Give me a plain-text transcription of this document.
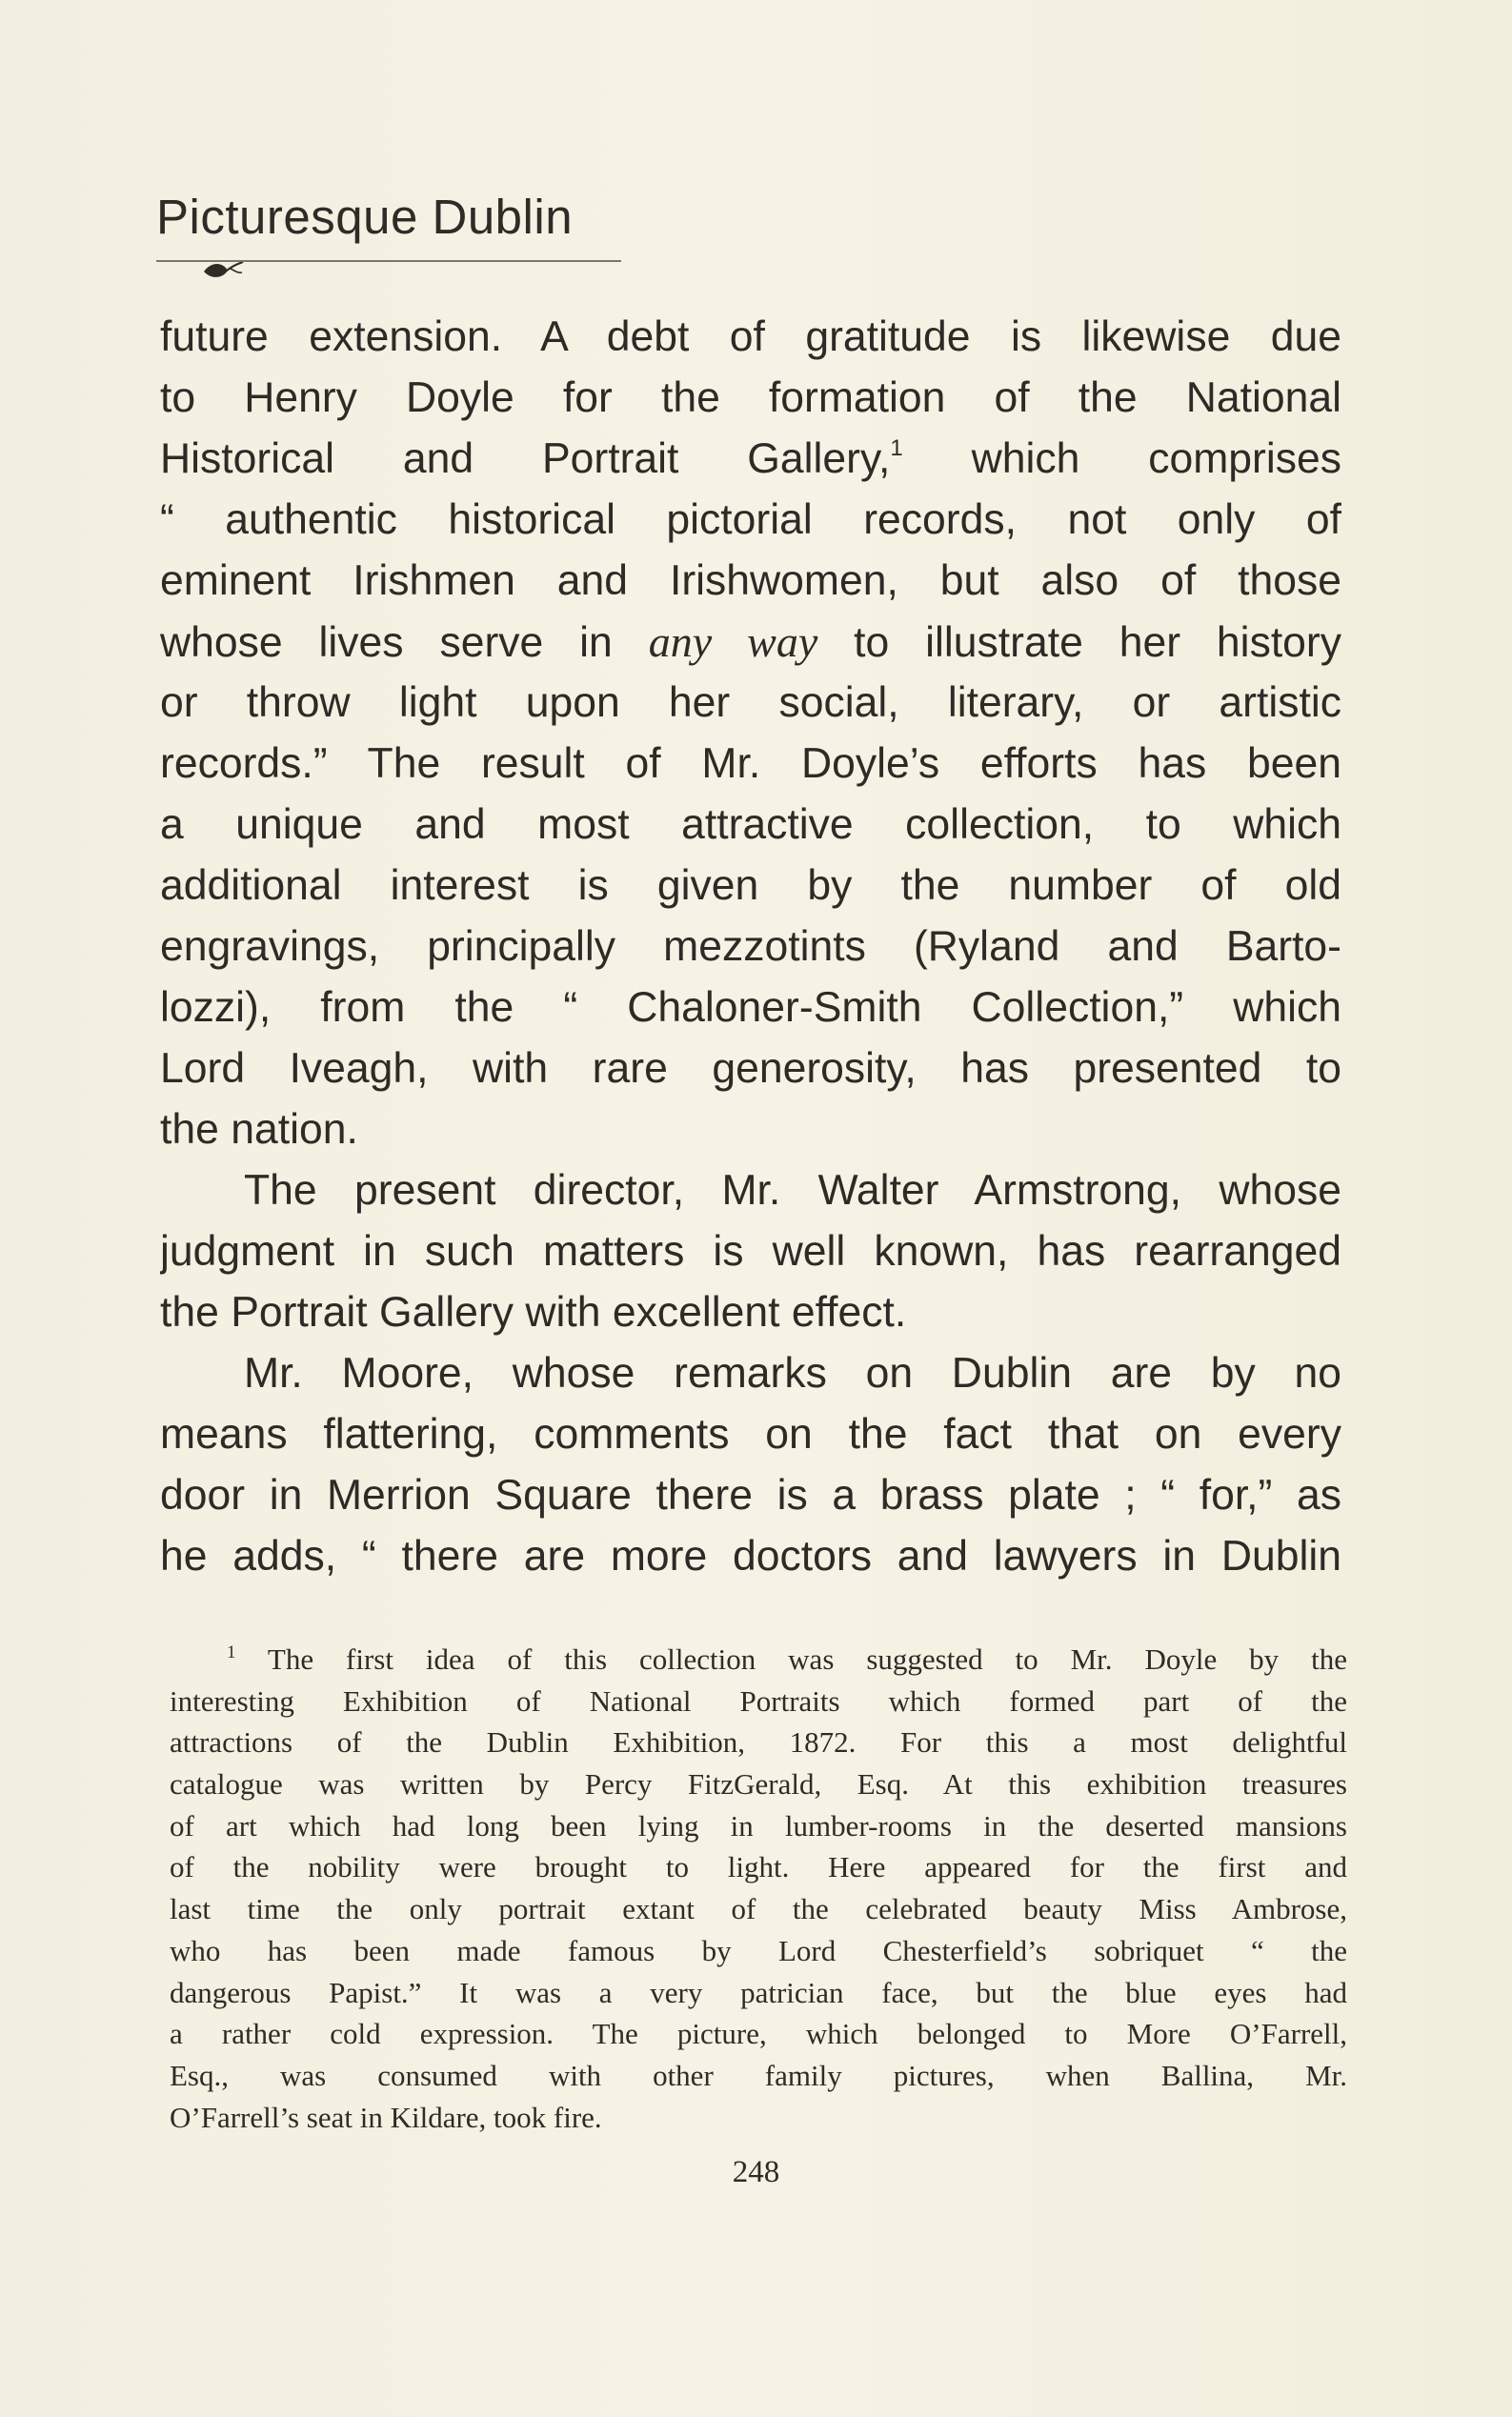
Picturesque Dublin
future extension. A debt of gratitude is likewise due
to Henry Doyle for the formation of the National
Historical and Portrait Gallery,$^1$ which comprises
“ authentic historical pictorial records, not only of
eminent Irishmen and Irishwomen, but also of those
whose lives serve in any way to illustrate her history
or throw light upon her social, literary, or artistic
records.” The result of Mr. Doyle’s efforts has been
a unique and most attractive collection, to which
additional interest is given by the number of old
engravings, principally mezzotints (Ryland and Barto-
lozzi), from the “ Chaloner-Smith Collection,” which
Lord Iveagh, with rare generosity, has presented to
the nation.
The present director, Mr. Walter Armstrong, whose
judgment in such matters is well known, has rearranged
the Portrait Gallery with excellent effect.
Mr. Moore, whose remarks on Dublin are by no
means flattering, comments on the fact that on every
door in Merrion Square there is a brass plate ; “ for,” as
he adds, “ there are more doctors and lawyers in Dublin
$^1$ The first idea of this collection was suggested to Mr. Doyle by the
interesting Exhibition of National Portraits which formed part of the
attractions of the Dublin Exhibition, 1872. For this a most delightful
catalogue was written by Percy FitzGerald, Esq. At this exhibition treasures
of art which had long been lying in lumber-rooms in the deserted mansions
of the nobility were brought to light. Here appeared for the first and
last time the only portrait extant of the celebrated beauty Miss Ambrose,
who has been made famous by Lord Chesterfield’s sobriquet “ the
dangerous Papist.” It was a very patrician face, but the blue eyes had
a rather cold expression. The picture, which belonged to More O’Farrell,
Esq., was consumed with other family pictures, when Ballina, Mr.
O’Farrell’s seat in Kildare, took fire.
248
